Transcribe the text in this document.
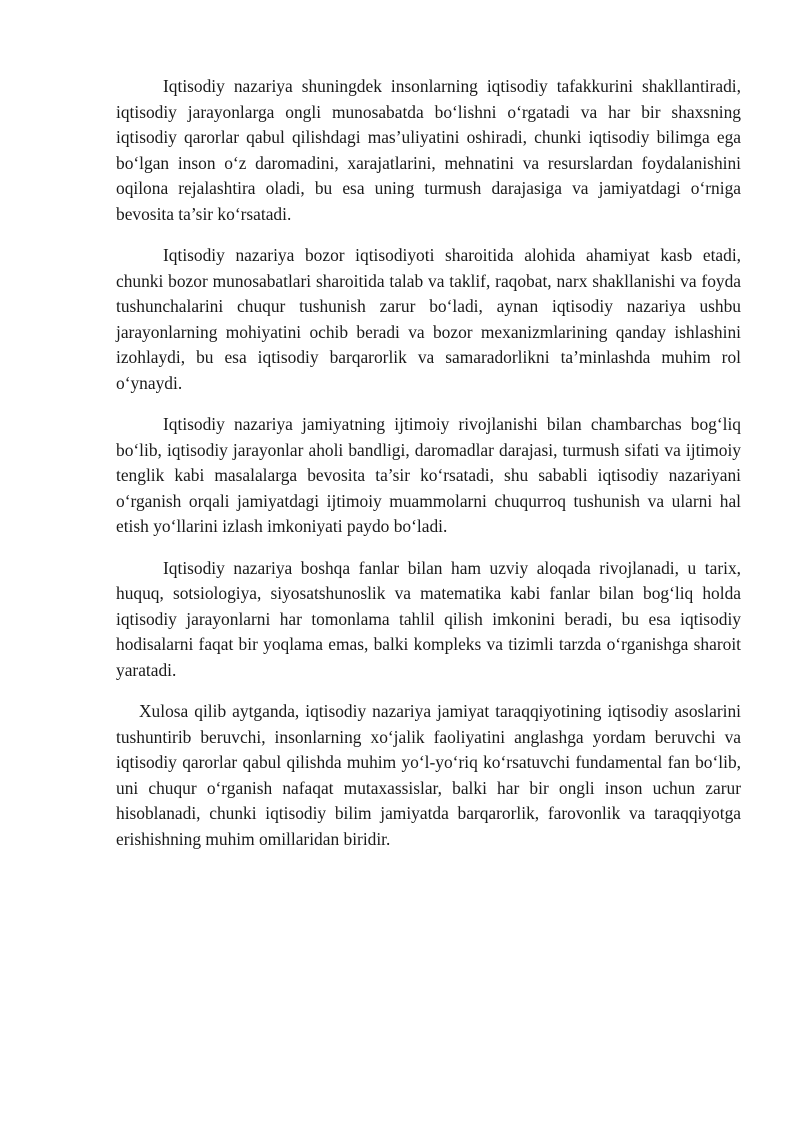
Iqtisodiy nazariya shuningdek insonlarning iqtisodiy tafakkurini shakllantiradi, iqtisodiy jarayonlarga ongli munosabatda boʻlishni oʻrgatadi va har bir shaxsning iqtisodiy qarorlar qabul qilishdagi mas’uliyatini oshiradi, chunki iqtisodiy bilimga ega boʻlgan inson oʻz daromadini, xarajatlarini, mehnatini va resurslardan foydalanishini oqilona rejalashtira oladi, bu esa uning turmush darajasiga va jamiyatdagi oʻrniga bevosita ta’sir koʻrsatadi.

Iqtisodiy nazariya bozor iqtisodiyoti sharoitida alohida ahamiyat kasb etadi, chunki bozor munosabatlari sharoitida talab va taklif, raqobat, narx shakllanishi va foyda tushunchalarini chuqur tushunish zarur boʻladi, aynan iqtisodiy nazariya ushbu jarayonlarning mohiyatini ochib beradi va bozor mexanizmlarining qanday ishlashini izohlaydi, bu esa iqtisodiy barqarorlik va samaradorlikni ta’minlashda muhim rol oʻynaydi.

Iqtisodiy nazariya jamiyatning ijtimoiy rivojlanishi bilan chambarchas bogʻliq boʻlib, iqtisodiy jarayonlar aholi bandligi, daromadlar darajasi, turmush sifati va ijtimoiy tenglik kabi masalalarga bevosita ta’sir koʻrsatadi, shu sababli iqtisodiy nazariyani oʻrganish orqali jamiyatdagi ijtimoiy muammolarni chuqurroq tushunish va ularni hal etish yoʻllarini izlash imkoniyati paydo boʻladi.

Iqtisodiy nazariya boshqa fanlar bilan ham uzviy aloqada rivojlanadi, u tarix, huquq, sotsiologiya, siyosatshunoslik va matematika kabi fanlar bilan bogʻliq holda iqtisodiy jarayonlarni har tomonlama tahlil qilish imkonini beradi, bu esa iqtisodiy hodisalarni faqat bir yoqlama emas, balki kompleks va tizimli tarzda oʻrganishga sharoit yaratadi.

Xulosa qilib aytganda, iqtisodiy nazariya jamiyat taraqqiyotining iqtisodiy asoslarini tushuntirib beruvchi, insonlarning xoʻjalik faoliyatini anglashga yordam beruvchi va iqtisodiy qarorlar qabul qilishda muhim yoʻl-yoʻriq koʻrsatuvchi fundamental fan boʻlib, uni chuqur oʻrganish nafaqat mutaxassislar, balki har bir ongli inson uchun zarur hisoblanadi, chunki iqtisodiy bilim jamiyatda barqarorlik, farovonlik va taraqqiyotga erishishning muhim omillaridan biridir.
